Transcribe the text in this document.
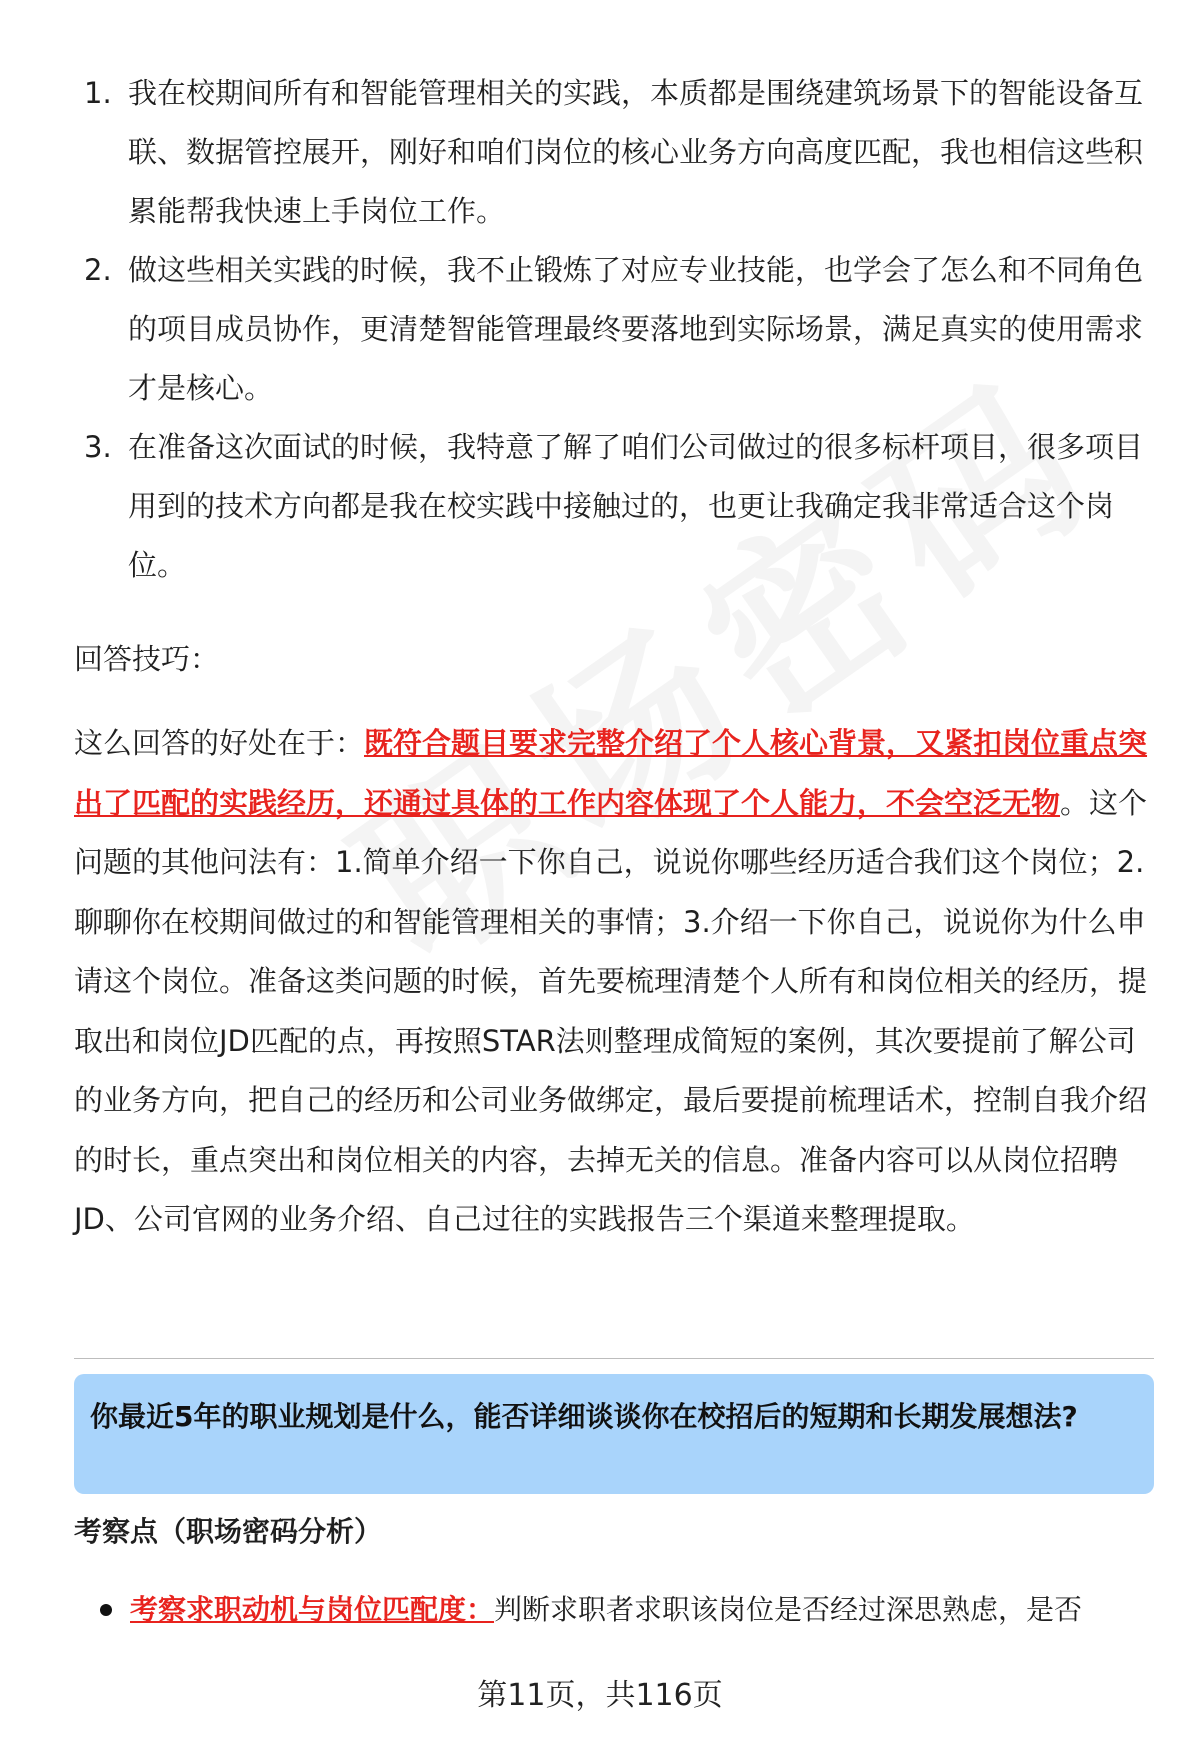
1. 我在校期间所有和智能管理相关的实践，本质都是围绕建筑场景下的智能设备互联、数据管控展开，刚好和咱们岗位的核心业务方向高度匹配，我也相信这些积累能帮我快速上手岗位工作。
2. 做这些相关实践的时候，我不止锻炼了对应专业技能，也学会了怎么和不同角色的项目成员协作，更清楚智能管理最终要落地到实际场景，满足真实的使用需求才是核心。
3. 在准备这次面试的时候，我特意了解了咱们公司做过的很多标杆项目，很多项目用到的技术方向都是我在校实践中接触过的，也更让我确定我非常适合这个岗位。
回答技巧：

这么回答的好处在于：既符合题目要求完整介绍了个人核心背景，又紧扣岗位重点突出了匹配的实践经历，还通过具体的工作内容体现了个人能力，不会空泛无物。这个问题的其他问法有：1.简单介绍一下你自己，说说你哪些经历适合我们这个岗位；2.聊聊你在校期间做过的和智能管理相关的事情；3.介绍一下你自己，说说你为什么申请这个岗位。准备这类问题的时候，首先要梳理清楚个人所有和岗位相关的经历，提取出和岗位JD匹配的点，再按照STAR法则整理成简短的案例，其次要提前了解公司的业务方向，把自己的经历和公司业务做绑定，最后要提前梳理话术，控制自我介绍的时长，重点突出和岗位相关的内容，去掉无关的信息。准备内容可以从岗位招聘JD、公司官网的业务介绍、自己过往的实践报告三个渠道来整理提取。

你最近5年的职业规划是什么，能否详细谈谈你在校招后的短期和长期发展想法?
考察点（职场密码分析）
考察求职动机与岗位匹配度：判断求职者求职该岗位是否经过深思熟虑，是否
第11页，共116页
